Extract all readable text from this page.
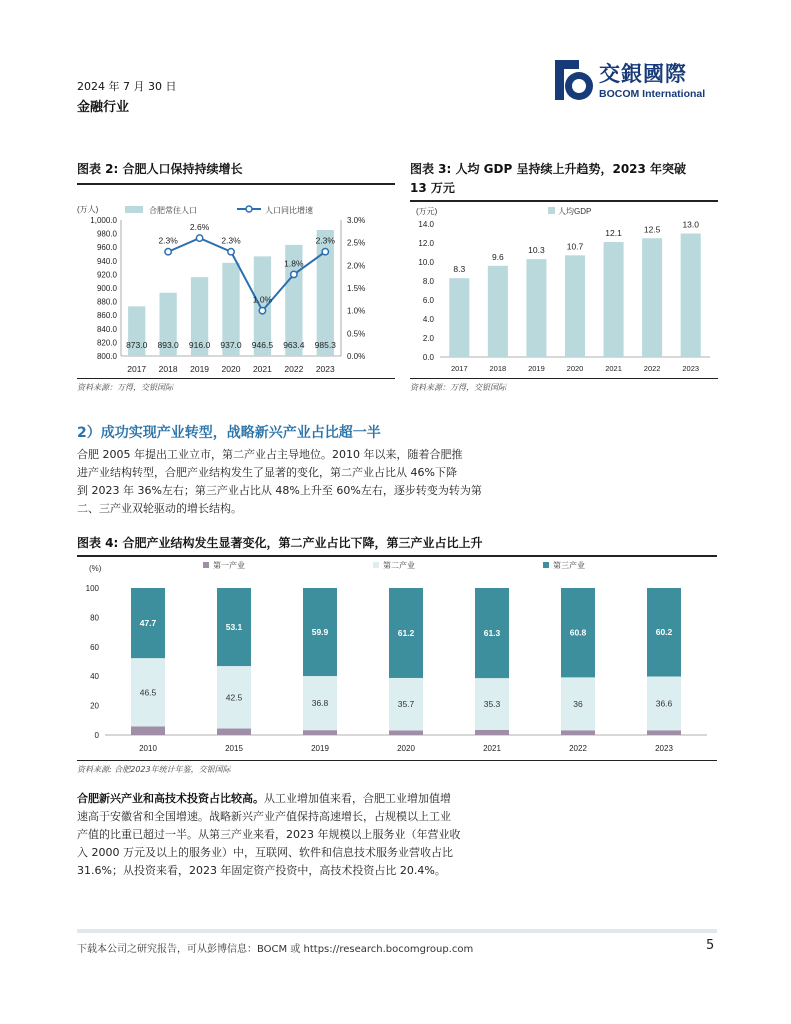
2024 年 7 月 30 日
金融行业
交銀國際
BOCOM International
图表 2: 合肥人口保持持续增长
(万人)	合肥常住人口	人口同比增速
1,000.0
980.0
960.0
940.0
920.0
900.0
880.0
860.0
840.0
820.0
800.0
3.0%
2.5%
2.0%
1.5%
1.0%
0.5%
0.0%
873.0
2017
893.0
2018
916.0
2019
937.0
2020
946.5
2021
963.4
2022
985.3
2023
2.3%
2.6%
2.3%
1.0%
1.8%
2.3%
资料来源：万得，交银国际
图表 3: 人均 GDP 呈持续上升趋势，2023 年突破
13 万元
(万元)	人均GDP
14.0
12.0
10.0
8.0
6.0
4.0
2.0
0.0
8.3
2017
9.6
2018
10.3
2019
10.7
2020
12.1
2021
12.5
2022
13.0
2023
资料来源：万得，交银国际
2）成功实现产业转型，战略新兴产业占比超一半
合肥 2005 年提出工业立市，第二产业占主导地位。2010 年以来，随着合肥推
进产业结构转型，合肥产业结构发生了显著的变化，第二产业占比从 46%下降
到 2023 年 36%左右；第三产业占比从 48%上升至 60%左右，逐步转变为转为第
二、三产业双轮驱动的增长结构。
图表 4: 合肥产业结构发生显著变化，第二产业占比下降，第三产业占比上升
(%)	第一产业	第二产业	第三产业
100
80
60
40
20
0
46.5
47.7
2010
42.5
53.1
2015
36.8
59.9
2019
35.7
61.2
2020
35.3
61.3
2021
36
60.8
2022
36.6
60.2
2023
资料来源: 合肥2023年统计年鉴，交银国际
合肥新兴产业和高技术投资占比较高。从工业增加值来看，合肥工业增加值增
速高于安徽省和全国增速。战略新兴产业产值保持高速增长，占规模以上工业
产值的比重已超过一半。从第三产业来看，2023 年规模以上服务业（年营业收
入 2000 万元及以上的服务业）中，互联网、软件和信息技术服务业营收占比
31.6%；从投资来看，2023 年固定资产投资中，高技术投资占比 20.4%。
下载本公司之研究报告，可从彭博信息：BOCM 或 https://research.bocomgroup.com	5
